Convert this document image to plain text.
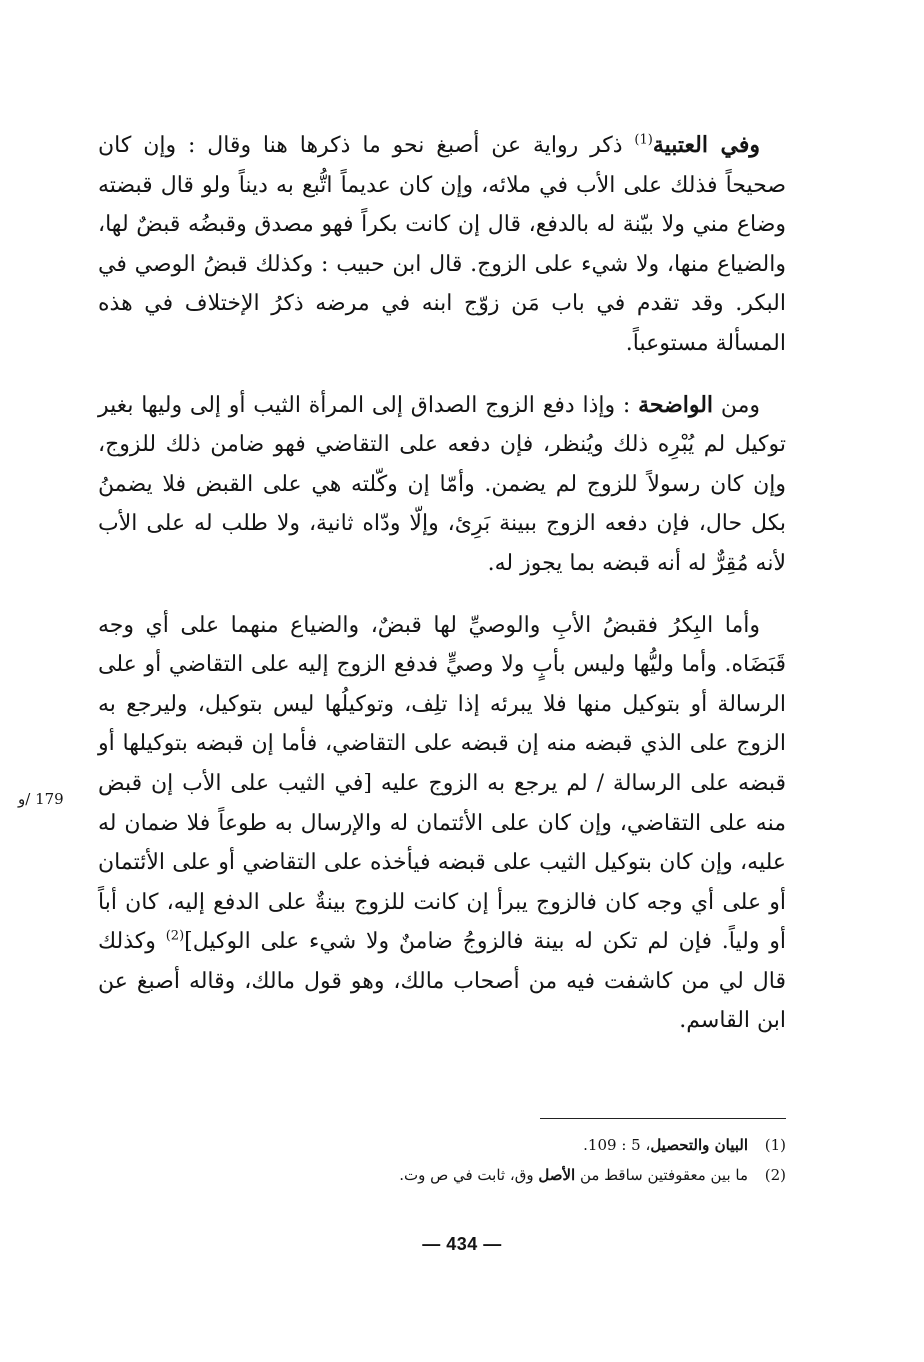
وفي العتبية$^{(1)}$ ذكر رواية عن أصبغ نحو ما ذكرها هنا وقال : وإن كان صحيحاً فذلك على الأب في ملائه، وإن كان عديماً اتُّبع به ديناً ولو قال قبضته وضاع مني ولا بيّنة له بالدفع، قال إن كانت بكراً فهو مصدق وقبضُه قبضٌ لها، والضياع منها، ولا شيء على الزوج. قال ابن حبيب : وكذلك قبضُ الوصي في البكر. وقد تقدم في باب مَن زوّج ابنه في مرضه ذكرُ الإختلاف في هذه المسألة مستوعباً.

ومن الواضحة : وإذا دفع الزوج الصداق إلى المرأة الثيب أو إلى وليها بغير توكيل لم يُبْرِه ذلك ويُنظر، فإن دفعه على التقاضي فهو ضامن ذلك للزوج، وإن كان رسولاً للزوج لم يضمن. وأمّا إن وكّلته هي على القبض فلا يضمنُ بكل حال، فإن دفعه الزوج ببينة بَرِئ، وإلّا ودّاه ثانية، ولا طلب له على الأب لأنه مُقِرٌّ له أنه قبضه بما يجوز له.

وأما البِكرُ فقبضُ الأبِ والوصيِّ لها قبضٌ، والضياع منهما على أي وجه قَبَضَاه. وأما وليُّها وليس بأبٍ ولا وصيٍّ فدفع الزوج إليه على التقاضي أو على الرسالة أو بتوكيل منها فلا يبرئه إذا تلِف، وتوكيلُها ليس بتوكيل، وليرجع به الزوج على الذي قبضه منه إن قبضه على التقاضي، فأما إن قبضه بتوكيلها أو قبضه على الرسالة / لم يرجع به الزوج عليه [في الثيب على الأب إن قبض منه على التقاضي، وإن كان على الأئتمان له والإرسال به طوعاً فلا ضمان له عليه، وإن كان بتوكيل الثيب على قبضه فيأخذه على التقاضي أو على الأئتمان أو على أي وجه كان فالزوج يبرأ إن كانت للزوج بينةٌ على الدفع إليه، كان أباً أو ولياً. فإن لم تكن له بينة فالزوجُ ضامنٌ ولا شيء على الوكيل]$^{(2)}$ وكذلك قال لي من كاشفت فيه من أصحاب مالك، وهو قول مالك، وقاله أصبغ عن ابن القاسم.

179 /و
(1)
البيان والتحصيل، 5 : 109.
(2)
ما بين معقوفتين ساقط من الأصل وق، ثابت في ص وت.
— 434 —
